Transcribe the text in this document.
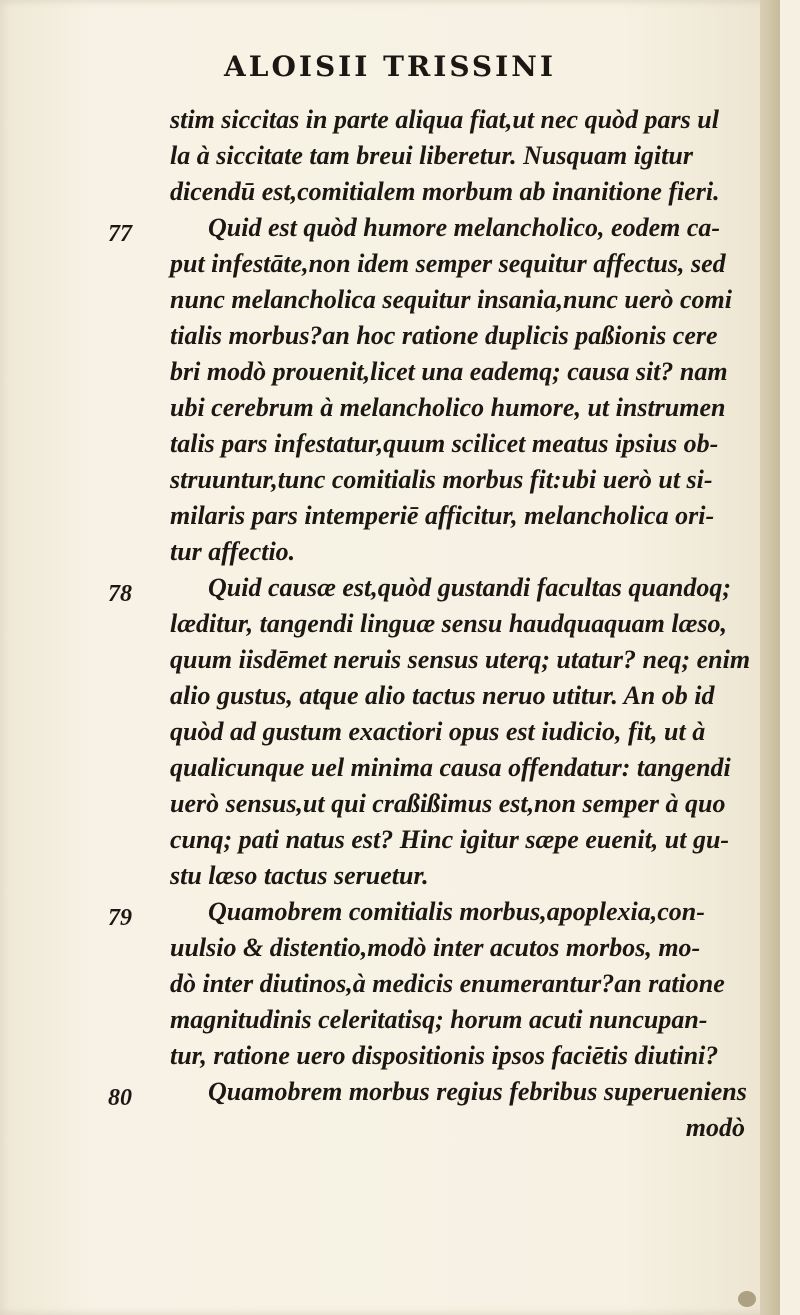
ALOISII TRISSINI
stim siccitas in parte aliqua fiat,ut nec quòd pars ul
la à siccitate tam breui liberetur. Nusquam igitur
dicendū est,comitialem morbum ab inanitione fieri.
Quid est quòd humore melancholico, eodem ca-
put infestāte,non idem semper sequitur affectus, sed
nunc melancholica sequitur insania,nunc uerò comi
tialis morbus?an hoc ratione duplicis paßionis cere
bri modò prouenit,licet una eademq; causa sit? nam
ubi cerebrum à melancholico humore, ut instrumen
talis pars infestatur,quum scilicet meatus ipsius ob-
struuntur,tunc comitialis morbus fit:ubi uerò ut si-
milaris pars intemperiē afficitur, melancholica ori-
tur affectio.
Quid causæ est,quòd gustandi facultas quandoq;
læditur, tangendi linguæ sensu haudquaquam læso,
quum iisdēmet neruis sensus uterq; utatur? neq; enim
alio gustus, atque alio tactus neruo utitur. An ob id
quòd ad gustum exactiori opus est iudicio, fit, ut à
qualicunque uel minima causa offendatur: tangendi
uerò sensus,ut qui craßißimus est,non semper à quo
cunq; pati natus est? Hinc igitur sæpe euenit, ut gu-
stu læso tactus seruetur.
Quamobrem comitialis morbus,apoplexia,con-
uulsio & distentio,modò inter acutos morbos, mo-
dò inter diutinos,à medicis enumerantur?an ratione
magnitudinis celeritatisq; horum acuti nuncupan-
tur, ratione uero dispositionis ipsos faciētis diutini?
Quamobrem morbus regius febribus superueniens
modò
77
78
79
80
